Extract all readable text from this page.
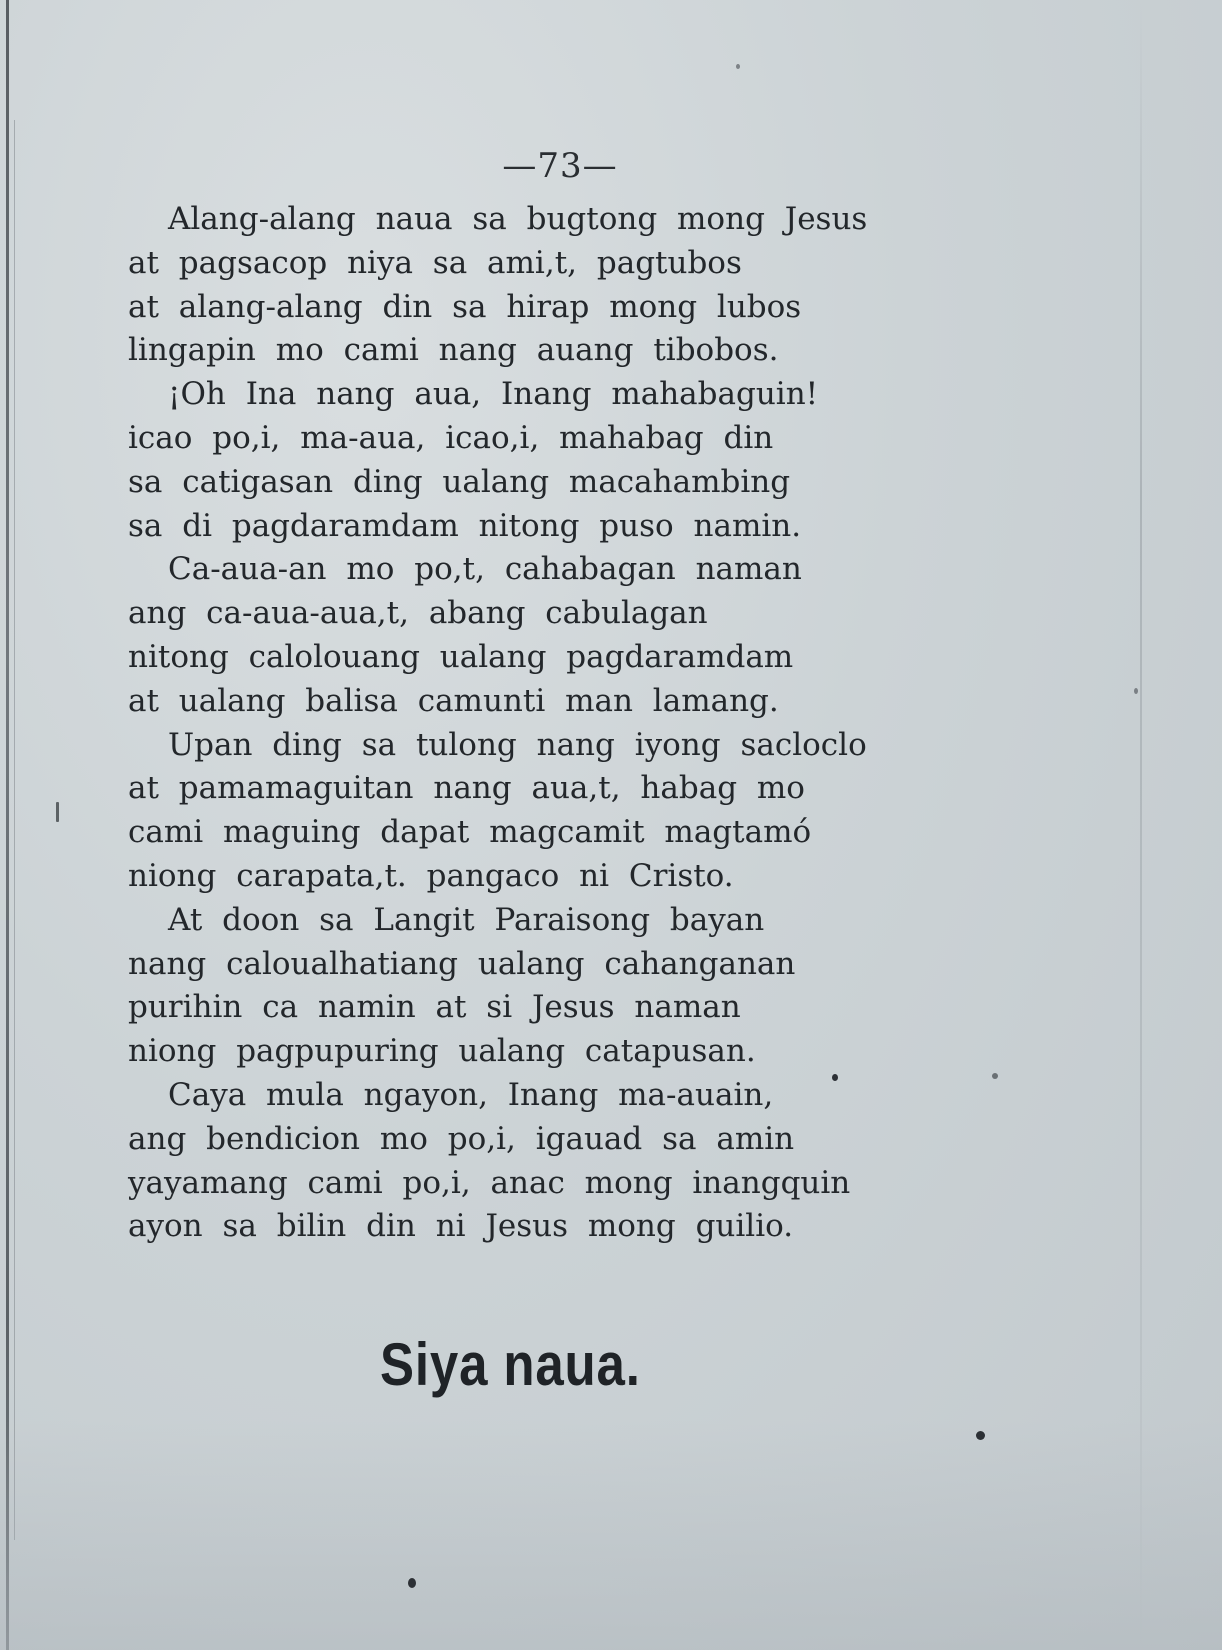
—73—
Alang-alang naua sa bugtong mong Jesus
at pagsacop niya sa ami,t, pagtubos
at alang-alang din sa hirap mong lubos
lingapin mo cami nang auang tibobos.
¡Oh Ina nang aua, Inang mahabaguin!
icao po,i, ma-aua, icao,i, mahabag din
sa catigasan ding ualang macahambing
sa di pagdaramdam nitong puso namin.
Ca-aua-an mo po,t, cahabagan naman
ang ca-aua-aua,t, abang cabulagan
nitong calolouang ualang pagdaramdam
at ualang balisa camunti man lamang.
Upan ding sa tulong nang iyong sacloclo
at pamamaguitan nang aua,t, habag mo
cami maguing dapat magcamit magtamó
niong carapata,t. pangaco ni Cristo.
At doon sa Langit Paraisong bayan
nang caloualhatiang ualang cahanganan
purihin ca namin at si Jesus naman
niong pagpupuring ualang catapusan.
Caya mula ngayon, Inang ma-auain,
ang bendicion mo po,i, igauad sa amin
yayamang cami po,i, anac mong inangquin
ayon sa bilin din ni Jesus mong guilio.
Siya naua.
